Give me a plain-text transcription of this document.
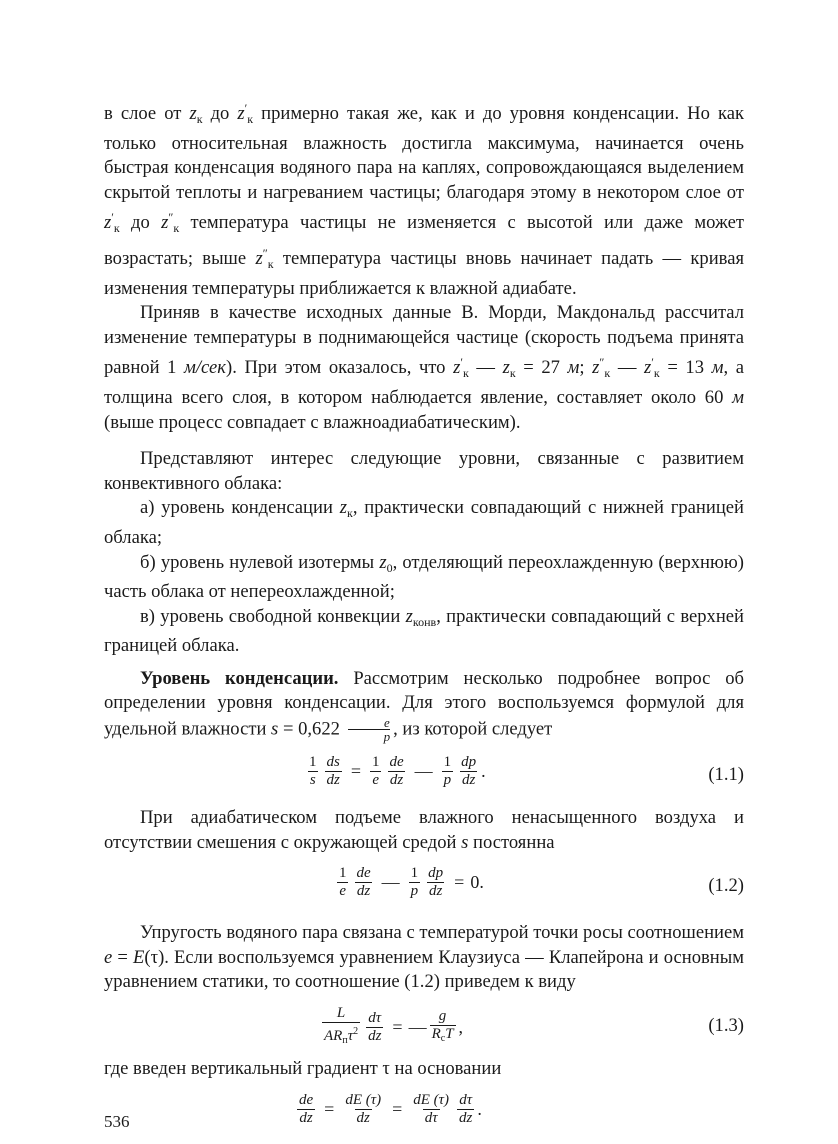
в слое от $z_к$ до $z'_к$ примерно такая же, как и до уровня конденсации. Но как только относительная влажность достигла максимума, начинается очень быстрая конденсация водяного пара на каплях, сопровождающаяся выделением скрытой теплоты и нагреванием частицы; благодаря этому в некотором слое от $z'_к$ до $z''_к$ температура частицы не изменяется с высотой или даже может возрастать; выше $z''_к$ температура частицы вновь начинает падать — кривая изменения температуры приближается к влажной адиабате.

Приняв в качестве исходных данные В. Морди, Макдональд рассчитал изменение температуры в поднимающейся частице (скорость подъема принята равной 1 м/сек). При этом оказалось, что $z'_к$ — $z_к = 27$ м; $z''_к$ — $z'_к = 13$ м, а толщина всего слоя, в котором наблюдается явление, составляет около 60 м (выше процесс совпадает с влажноадиабатическим).

Представляют интерес следующие уровни, связанные с развитием конвективного облака:

а) уровень конденсации $z_к$, практически совпадающий с нижней границей облака;

б) уровень нулевой изотермы $z_0$, отделяющий переохлажденную (верхнюю) часть облака от непереохлажденной;

в) уровень свободной конвекции $z_{конв}$, практически совпадающий с верхней границей облака.

Уровень конденсации. Рассмотрим несколько подробнее вопрос об определении уровня конденсации. Для этого воспользуемся формулой для удельной влажности $s = 0,622 \frac{e}{p}$ , из которой следует

$\frac{1}{s} \frac{ds}{dz} = \frac{1}{e} \frac{de}{dz}$ — $\frac{1}{p} \frac{dp}{dz}$ .	(1.1)

При адиабатическом подъеме влажного ненасыщенного воздуха и отсутствии смешения с окружающей средой s постоянна

$\frac{1}{e} \frac{de}{dz}$ — $\frac{1}{p} \frac{dp}{dz} = 0$.	(1.2)

Упругость водяного пара связана с температурой точки росы соотношением e = E(τ). Если воспользуемся уравнением Клаузиуса — Клапейрона и основным уравнением статики, то соотношение (1.2) приведем к виду

$\frac{L}{AR_п\tau^2} \frac{d\tau}{dz}$ = — $\frac{g}{R_сT}$ ,	(1.3)

где введен вертикальный градиент τ на основании

$\frac{de}{dz} = \frac{dE (\tau)}{dz} = \frac{dE (\tau)}{d\tau} \frac{d\tau}{dz}$ .
536
